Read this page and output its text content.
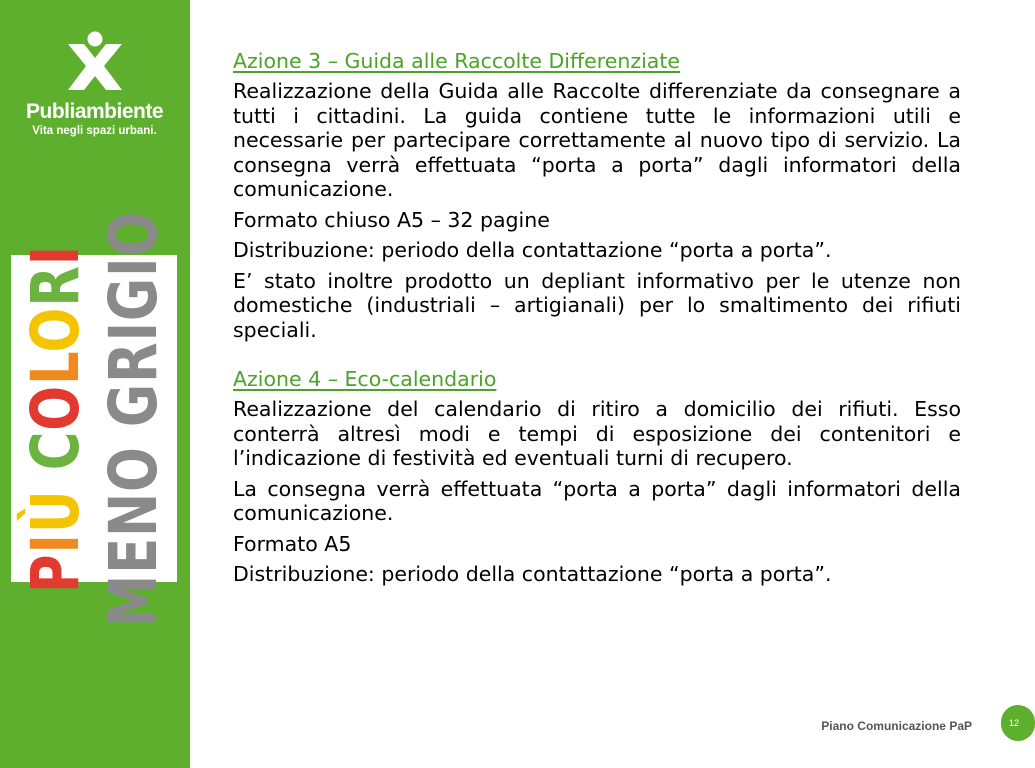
Publiambiente
Vita negli spazi urbani.
PIÙ COLORI MENO GRIGIO
Azione 3 – Guida alle Raccolte Differenziate
Realizzazione della Guida alle Raccolte differenziate da consegnare a tutti i cittadini. La guida contiene tutte le informazioni utili e necessarie per partecipare correttamente al nuovo tipo di servizio. La consegna verrà effettuata “porta a porta” dagli informatori della comunicazione.
Formato chiuso A5 – 32 pagine
Distribuzione: periodo della contattazione “porta a porta”.
E’ stato inoltre prodotto un depliant informativo per le utenze non domestiche (industriali – artigianali) per lo smaltimento dei rifiuti speciali.
Azione 4 – Eco-calendario
Realizzazione del calendario di ritiro a domicilio dei rifiuti. Esso conterrà altresì modi e tempi di esposizione dei contenitori e l’indicazione di festività ed eventuali turni di recupero.
La consegna verrà effettuata “porta a porta” dagli informatori della comunicazione.
Formato A5
Distribuzione: periodo della contattazione “porta a porta”.
Piano Comunicazione PaP	12
